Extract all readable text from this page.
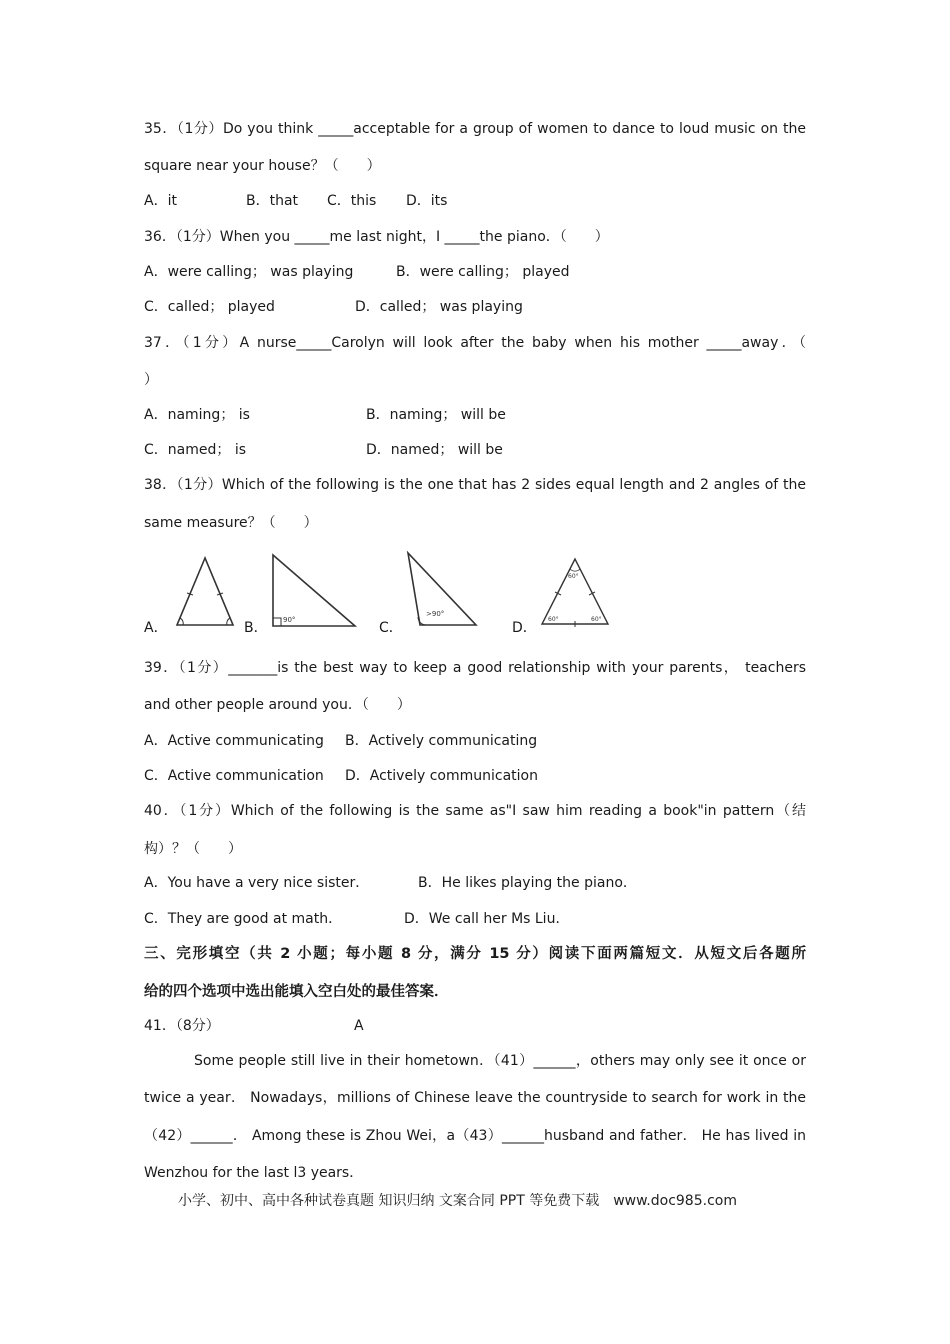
35．（1分）Do you think _____acceptable for a group of women to dance to loud music on the
square near your house？（　　）
A．it	B．that C．this D．its
36．（1分）When you _____me last night，I _____the piano．（　　）
A．were calling； was playing	B．were calling； played
C．called； played	D．called； was playing
37．（1分）A nurse_____Carolyn will look after the baby when his mother _____away．（
）
A．naming； is	B．naming； will be
C．named； is	D．named； will be
38．（1分）Which of the following is the one that has 2 sides equal length and 2 angles of the
same measure？（　　）
A．	B． 90°	C．
>90°
D．
60°
60°	60°
39．（1分）_______is the best way to keep a good relationship with your parents， teachers
and other people around you．（　　）
A．Active communicating B．Actively communicating
C．Active communication D．Actively communication
40．（1分）Which of the following is the same as"I saw him reading a book"in pattern（结
构）？（　　）
A．You have a very nice sister．	B．He likes playing the piano．
C．They are good at math．	D．We call her Ms Liu．
三、完形填空（共 2 小题；每小题 8 分，满分 15 分）阅读下面两篇短文．从短文后各题所
给的四个选项中选出能填入空白处的最佳答案．
41．（8分）	A
Some people still live in their hometown．（41）______，others may only see it once or
twice a year． Nowadays，millions of Chinese leave the countryside to search for work in the
（42）______． Among these is Zhou Wei，a（43）______husband and father． He has lived in
Wenzhou for the last l3 years．
小学、初中、高中各种试卷真题 知识归纳 文案合同 PPT 等免费下载　www.doc985.com
